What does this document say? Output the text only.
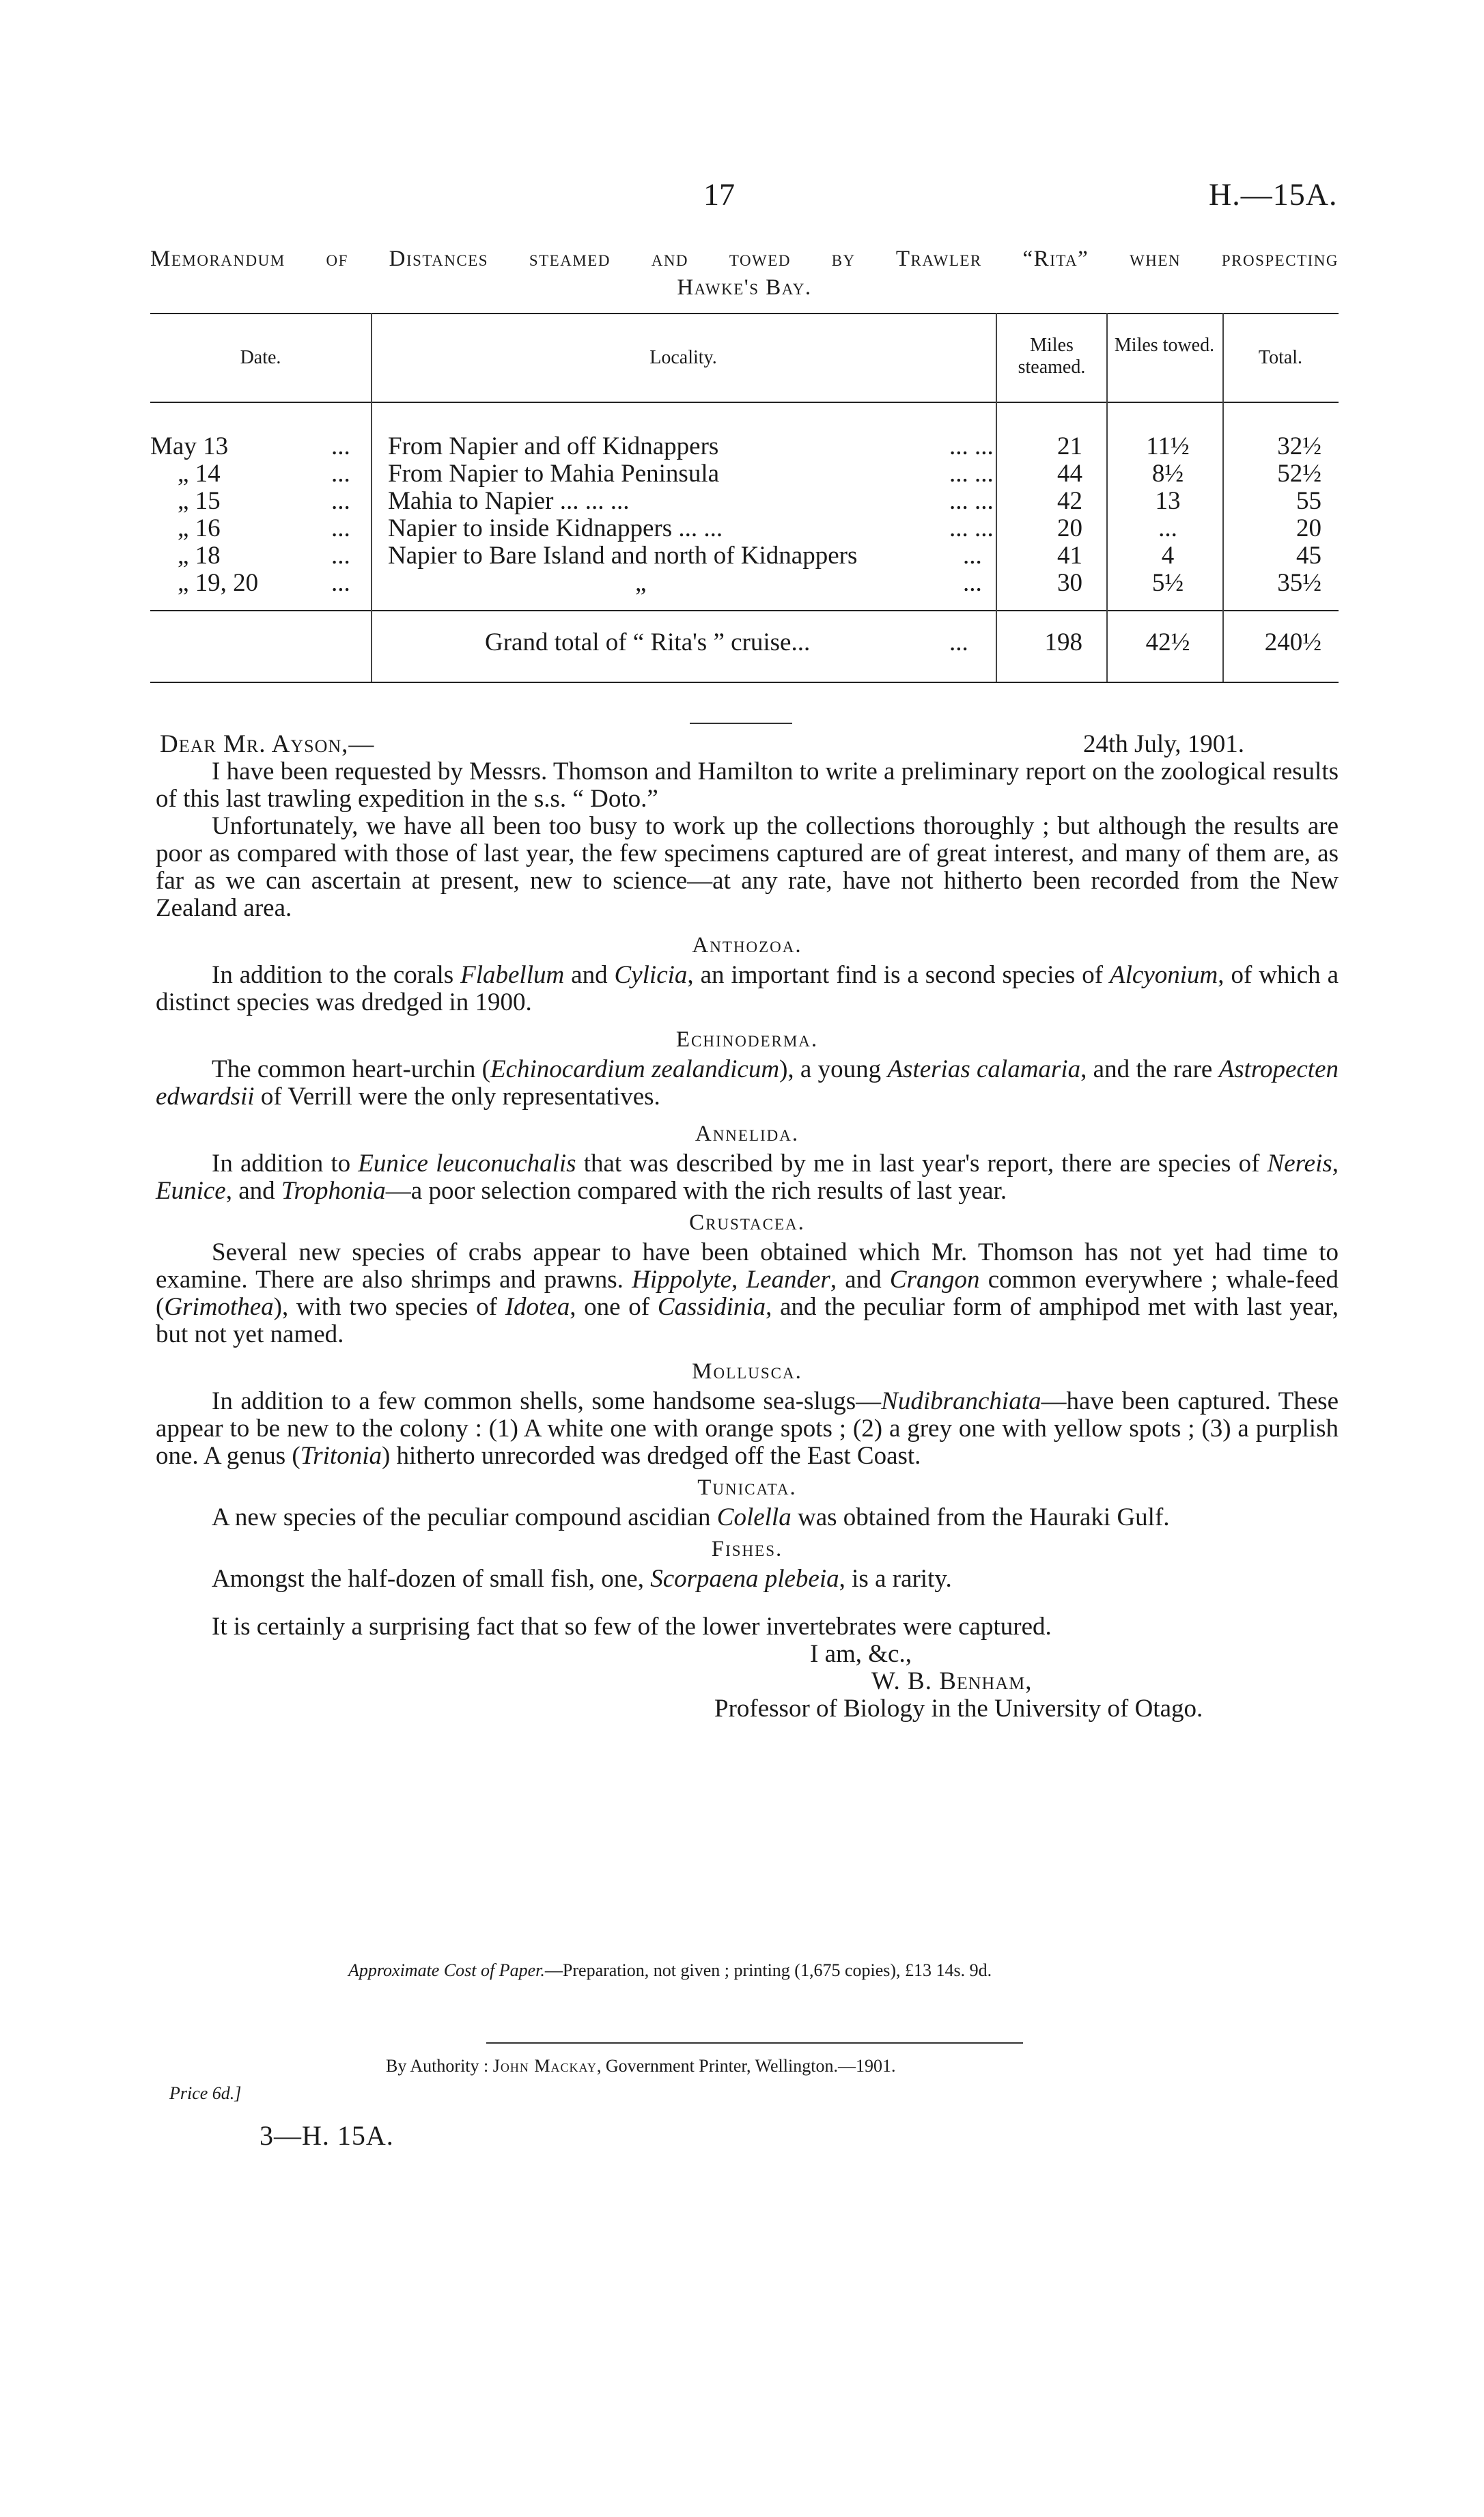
17	H.—15A.
Memorandum of Distances steamed and towed by Trawler “Rita” when prospecting
Hawke's Bay.
Date.	Locality.
Miles steamed.
Miles towed.
Total.
May 13	... From Napier and off Kidnappers	... ...	21	11½	32½
„ 14	... From Napier to Mahia Peninsula	... ...	44	8½	52½
„ 15	... Mahia to Napier ... ... ...	... ...	42	13	55
„ 16	... Napier to inside Kidnappers ... ...	... ...	20	...	20
„ 18	... Napier to Bare Island and north of Kidnappers	...	41	4	45
„ 19, 20	...	„	...	30	5½	35½
Grand total of “ Rita's ” cruise...	...	198	42½	240½
Dear Mr. Ayson,—	24th July, 1901.

I have been requested by Messrs. Thomson and Hamilton to write a preliminary report on the zoological results of this last trawling expedition in the s.s. “ Doto.”

Unfortunately, we have all been too busy to work up the collections thoroughly ; but although the results are poor as compared with those of last year, the few specimens captured are of great interest, and many of them are, as far as we can ascertain at present, new to science—at any rate, have not hitherto been recorded from the New Zealand area.

Anthozoa.

In addition to the corals Flabellum and Cylicia, an important find is a second species of Alcyonium, of which a distinct species was dredged in 1900.

Echinoderma.

The common heart-urchin (Echinocardium zealandicum), a young Asterias calamaria, and the rare Astropecten edwardsii of Verrill were the only representatives.

Annelida.

In addition to Eunice leuconuchalis that was described by me in last year's report, there are species of Nereis, Eunice, and Trophonia—a poor selection compared with the rich results of last year.

Crustacea.

Several new species of crabs appear to have been obtained which Mr. Thomson has not yet had time to examine. There are also shrimps and prawns. Hippolyte, Leander, and Crangon common everywhere ; whale-feed (Grimothea), with two species of Idotea, one of Cassidinia, and the peculiar form of amphipod met with last year, but not yet named.

Mollusca.

In addition to a few common shells, some handsome sea-slugs—Nudibranchiata—have been captured. These appear to be new to the colony : (1) A white one with orange spots ; (2) a grey one with yellow spots ; (3) a purplish one. A genus (Tritonia) hitherto unrecorded was dredged off the East Coast.

Tunicata.

A new species of the peculiar compound ascidian Colella was obtained from the Hauraki Gulf.

Fishes.

Amongst the half-dozen of small fish, one, Scorpaena plebeia, is a rarity.

It is certainly a surprising fact that so few of the lower invertebrates were captured.

I am, &c.,
W. B. Benham,
Professor of Biology in the University of Otago.
Approximate Cost of Paper.—Preparation, not given ; printing (1,675 copies), £13 14s. 9d.
By Authority : John Mackay, Government Printer, Wellington.—1901.
Price 6d.]
3—H. 15A.
